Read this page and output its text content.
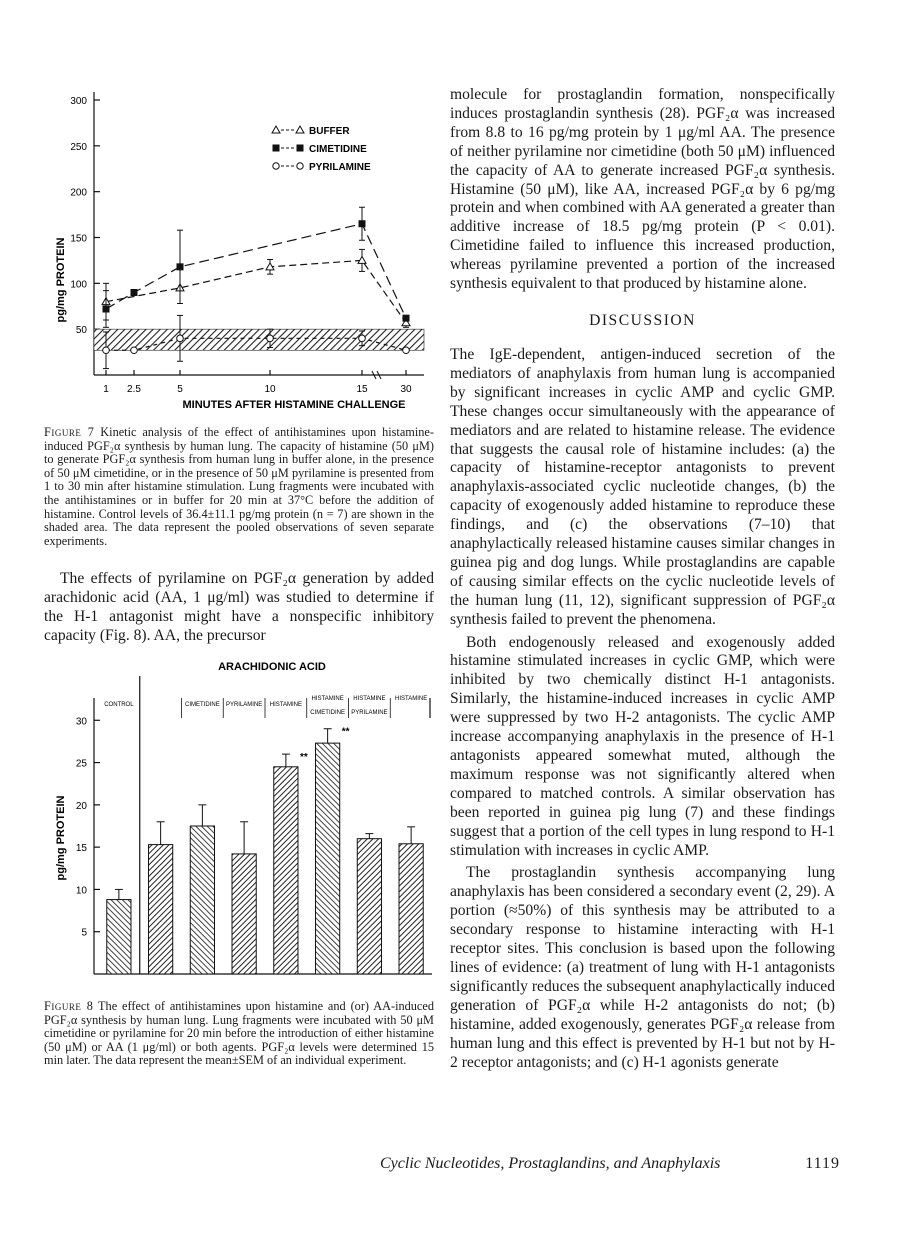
300
250
200
150
100
50
1 2.5	5	10	15	30
BUFFER
CIMETIDINE
PYRILAMINE
pg/mg PROTEIN
MINUTES AFTER HISTAMINE CHALLENGE

Figure 7 Kinetic analysis of the effect of antihistamines upon histamine-induced PGF₂α synthesis by human lung. The capacity of histamine (50 μM) to generate PGF₂α synthesis from human lung in buffer alone, in the presence of 50 μM cimetidine, or in the presence of 50 μM pyrilamine is presented from 1 to 30 min after histamine stimulation. Lung fragments were incubated with the antihistamines or in buffer for 20 min at 37°C before the addition of histamine. Control levels of 36.4±11.1 pg/mg protein (n = 7) are shown in the shaded area. The data represent the pooled observations of seven separate experiments.

The effects of pyrilamine on PGF₂α generation by added arachidonic acid (AA, 1 μg/ml) was studied to determine if the H-1 antagonist might have a nonspecific inhibitory capacity (Fig. 8). AA, the precursor

ARACHIDONIC ACID
30
25
20
15
10
5
CONTROL	CIMETIDINE PYRILAMINE
**
HISTAMINE
**
HISTAMINE
CIMETIDINE
HISTAMINE
PYRILAMINE
HISTAMINE
pg/mg PROTEIN

Figure 8 The effect of antihistamines upon histamine and (or) AA-induced PGF₂α synthesis by human lung. Lung fragments were incubated with 50 μM cimetidine or pyrilamine for 20 min before the introduction of either histamine (50 μM) or AA (1 μg/ml) or both agents. PGF₂α levels were determined 15 min later. The data represent the mean±SEM of an individual experiment.

molecule for prostaglandin formation, nonspecifically induces prostaglandin synthesis (28). PGF₂α was increased from 8.8 to 16 pg/mg protein by 1 μg/ml AA. The presence of neither pyrilamine nor cimetidine (both 50 μM) influenced the capacity of AA to generate increased PGF₂α synthesis. Histamine (50 μM), like AA, increased PGF₂α by 6 pg/mg protein and when combined with AA generated a greater than additive increase of 18.5 pg/mg protein (P < 0.01). Cimetidine failed to influence this increased production, whereas pyrilamine prevented a portion of the increased synthesis equivalent to that produced by histamine alone.

DISCUSSION

The IgE-dependent, antigen-induced secretion of the mediators of anaphylaxis from human lung is accompanied by significant increases in cyclic AMP and cyclic GMP. These changes occur simultaneously with the appearance of mediators and are related to histamine release. The evidence that suggests the causal role of histamine includes: (a) the capacity of histamine-receptor antagonists to prevent anaphylaxis-associated cyclic nucleotide changes, (b) the capacity of exogenously added histamine to reproduce these findings, and (c) the observations (7–10) that anaphylactically released histamine causes similar changes in guinea pig and dog lungs. While prostaglandins are capable of causing similar effects on the cyclic nucleotide levels of the human lung (11, 12), significant suppression of PGF₂α synthesis failed to prevent the phenomena.

Both endogenously released and exogenously added histamine stimulated increases in cyclic GMP, which were inhibited by two chemically distinct H-1 antagonists. Similarly, the histamine-induced increases in cyclic AMP were suppressed by two H-2 antagonists. The cyclic AMP increase accompanying anaphylaxis in the presence of H-1 antagonists appeared somewhat muted, although the maximum response was not significantly altered when compared to matched controls. A similar observation has been reported in guinea pig lung (7) and these findings suggest that a portion of the cell types in lung respond to H-1 stimulation with increases in cyclic AMP.

The prostaglandin synthesis accompanying lung anaphylaxis has been considered a secondary event (2, 29). A portion (≈50%) of this synthesis may be attributed to a secondary response to histamine interacting with H-1 receptor sites. This conclusion is based upon the following lines of evidence: (a) treatment of lung with H-1 antagonists significantly reduces the subsequent anaphylactically induced generation of PGF₂α while H-2 antagonists do not; (b) histamine, added exogenously, generates PGF₂α release from human lung and this effect is prevented by H-1 but not by H-2 receptor antagonists; and (c) H-1 agonists generate

Cyclic Nucleotides, Prostaglandins, and Anaphylaxis	1119
